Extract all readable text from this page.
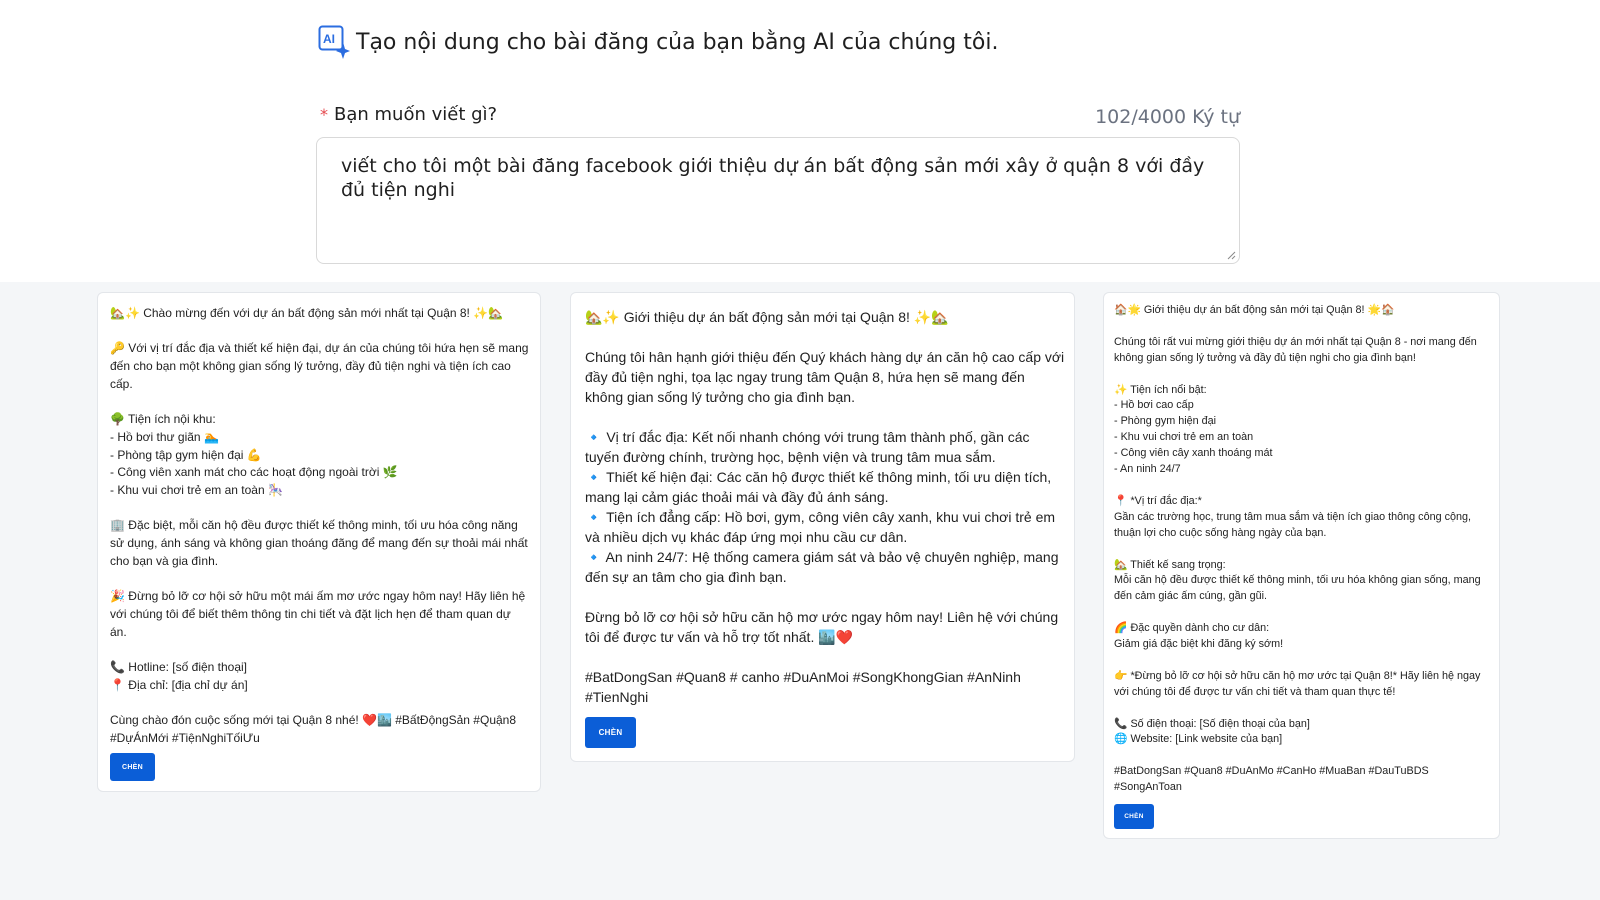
AI Tạo nội dung cho bài đăng của bạn bằng AI của chúng tôi.
* Bạn muốn viết gì?	102/4000 Ký tự
viết cho tôi một bài đăng facebook giới thiệu dự án bất động sản mới xây ở quận 8 với đầy đủ tiện nghi
🏡✨ Chào mừng đến với dự án bất động sản mới nhất tại Quận 8! ✨🏡

🔑 Với vị trí đắc địa và thiết kế hiện đại, dự án của chúng tôi hứa hẹn sẽ mang đến cho bạn một không gian sống lý tưởng, đầy đủ tiện nghi và tiện ích cao cấp.

🌳 Tiện ích nội khu:
- Hồ bơi thư giãn 🏊
- Phòng tập gym hiện đại 💪
- Công viên xanh mát cho các hoạt động ngoài trời 🌿
- Khu vui chơi trẻ em an toàn 🎠

🏢 Đặc biệt, mỗi căn hộ đều được thiết kế thông minh, tối ưu hóa công năng sử dụng, ánh sáng và không gian thoáng đãng để mang đến sự thoải mái nhất cho bạn và gia đình.

🎉 Đừng bỏ lỡ cơ hội sở hữu một mái ấm mơ ước ngay hôm nay! Hãy liên hệ với chúng tôi để biết thêm thông tin chi tiết và đặt lịch hẹn để tham quan dự án.

📞 Hotline: [số điện thoại]
📍 Địa chỉ: [địa chỉ dự án]

Cùng chào đón cuộc sống mới tại Quận 8 nhé! ❤️🏙️ #BấtĐộngSản #Quận8 #DựÁnMới #TiệnNghiTốiƯu
CHÈN
🏡✨ Giới thiệu dự án bất động sản mới tại Quận 8! ✨🏡

Chúng tôi hân hạnh giới thiệu đến Quý khách hàng dự án căn hộ cao cấp với đầy đủ tiện nghi, tọa lạc ngay trung tâm Quận 8, hứa hẹn sẽ mang đến không gian sống lý tưởng cho gia đình bạn.

🔹 Vị trí đắc địa: Kết nối nhanh chóng với trung tâm thành phố, gần các tuyến đường chính, trường học, bệnh viện và trung tâm mua sắm.
🔹 Thiết kế hiện đại: Các căn hộ được thiết kế thông minh, tối ưu diện tích, mang lại cảm giác thoải mái và đầy đủ ánh sáng.
🔹 Tiện ích đẳng cấp: Hồ bơi, gym, công viên cây xanh, khu vui chơi trẻ em và nhiều dịch vụ khác đáp ứng mọi nhu cầu cư dân.
🔹 An ninh 24/7: Hệ thống camera giám sát và bảo vệ chuyên nghiệp, mang đến sự an tâm cho gia đình bạn.

Đừng bỏ lỡ cơ hội sở hữu căn hộ mơ ước ngay hôm nay! Liên hệ với chúng tôi để được tư vấn và hỗ trợ tốt nhất. 🏙️❤️

#BatDongSan #Quan8 # canho #DuAnMoi #SongKhongGian #AnNinh #TienNghi
CHÈN
🏠🌟 Giới thiệu dự án bất động sản mới tại Quận 8! 🌟🏠

Chúng tôi rất vui mừng giới thiệu dự án mới nhất tại Quận 8 - nơi mang đến không gian sống lý tưởng và đầy đủ tiện nghi cho gia đình bạn!

✨ Tiện ích nổi bật:
- Hồ bơi cao cấp
- Phòng gym hiện đại
- Khu vui chơi trẻ em an toàn
- Công viên cây xanh thoáng mát
- An ninh 24/7

📍 *Vị trí đắc địa:*
Gần các trường học, trung tâm mua sắm và tiện ích giao thông công cộng, thuận lợi cho cuộc sống hàng ngày của bạn.

🏡 Thiết kế sang trọng:
Mỗi căn hộ đều được thiết kế thông minh, tối ưu hóa không gian sống, mang đến cảm giác ấm cúng, gần gũi.

🌈 Đặc quyền dành cho cư dân:
Giảm giá đặc biệt khi đăng ký sớm!

👉 *Đừng bỏ lỡ cơ hội sở hữu căn hộ mơ ước tại Quận 8!* Hãy liên hệ ngay với chúng tôi để được tư vấn chi tiết và tham quan thực tế!

📞 Số điện thoại: [Số điện thoại của bạn]
🌐 Website: [Link website của bạn]

#BatDongSan #Quan8 #DuAnMo #CanHo #MuaBan #DauTuBDS #SongAnToan
CHÈN
